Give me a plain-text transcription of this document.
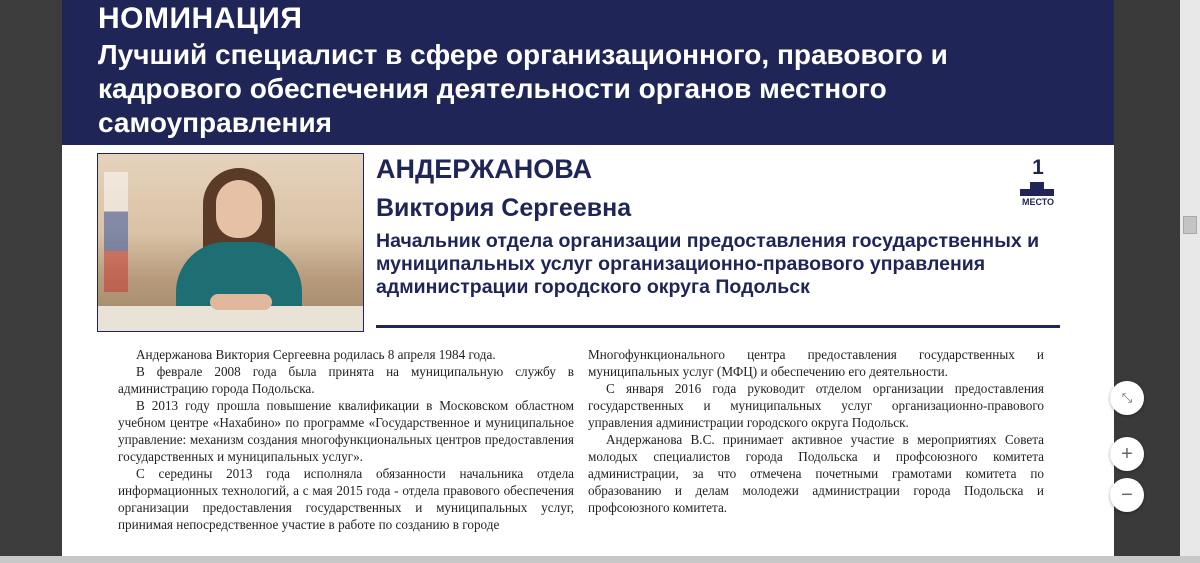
НОМИНАЦИЯ
Лучший специалист в сфере организационного, правового и кадрового обеспечения деятельности органов местного самоуправления
АНДЕРЖАНОВА
Виктория Сергеевна
Начальник отдела организации предоставления государственных и муниципальных услуг организационно-правового управления администрации городского округа Подольск
1
МЕСТО

Андержанова Виктория Сергеевна родилась 8 апреля 1984 года.

В феврале 2008 года была принята на муниципальную службу в администрацию города Подольска.

В 2013 году прошла повышение квалификации в Московском областном учебном центре «Нахабино» по программе «Государственное и муниципальное управление: механизм создания многофункциональных центров предоставления государственных и муниципальных услуг».

С середины 2013 года исполняла обязанности начальника отдела информационных технологий, а с мая 2015 года - отдела правового обеспечения организации предоставления государственных и муниципальных услуг, принимая непосредственное участие в работе по созданию в городе

Многофункционального центра предоставления государственных и муниципальных услуг (МФЦ) и обеспечению его деятельности.

С января 2016 года руководит отделом организации предоставления государственных и муниципальных услуг организационно-правового управления администрации городского округа Подольск.

Андержанова В.С. принимает активное участие в мероприятиях Совета молодых специалистов города Подольска и профсоюзного комитета администрации, за что отмечена почетными грамотами комитета по образованию и делам молодежи администрации города Подольска и профсоюзного комитета.

⤡
+
−
